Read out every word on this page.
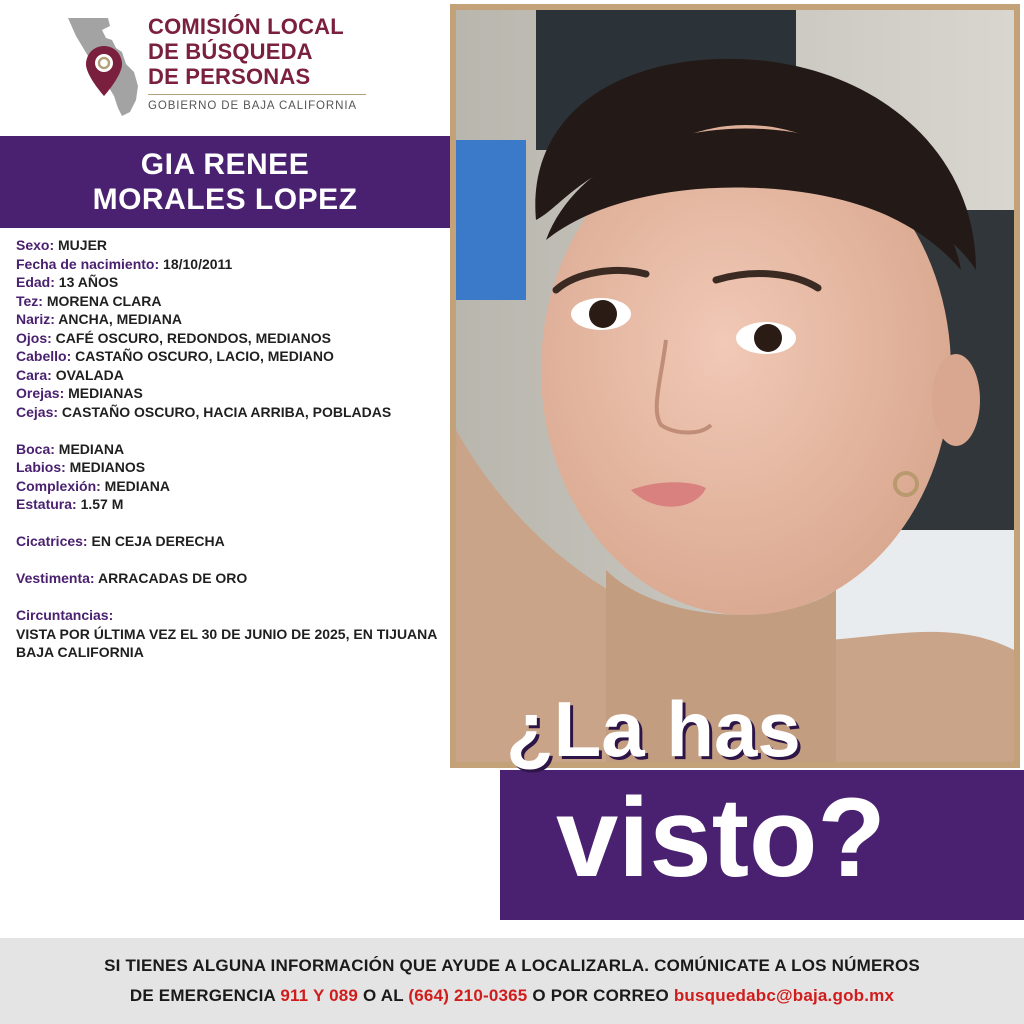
COMISIÓN LOCAL
DE BÚSQUEDA
DE PERSONAS
GOBIERNO DE BAJA CALIFORNIA
GIA RENEE
MORALES LOPEZ
Sexo: MUJER
Fecha de nacimiento: 18/10/2011
Edad: 13 AÑOS
Tez: MORENA CLARA
Nariz: ANCHA, MEDIANA
Ojos: CAFÉ OSCURO, REDONDOS, MEDIANOS
Cabello: CASTAÑO OSCURO, LACIO, MEDIANO
Cara: OVALADA
Orejas: MEDIANAS
Cejas: CASTAÑO OSCURO, HACIA ARRIBA, POBLADAS
Boca: MEDIANA
Labios: MEDIANOS
Complexión: MEDIANA
Estatura: 1.57 M
Cicatrices: EN CEJA DERECHA
Vestimenta: ARRACADAS DE ORO
Circuntancias:
VISTA POR ÚLTIMA VEZ EL 30 DE JUNIO DE 2025, EN TIJUANA BAJA CALIFORNIA
¿La has
visto?
SI TIENES ALGUNA INFORMACIÓN QUE AYUDE A LOCALIZARLA. COMÚNICATE A LOS NÚMEROS
DE EMERGENCIA 911 Y 089 O AL (664) 210-0365 O POR CORREO busquedabc@baja.gob.mx
